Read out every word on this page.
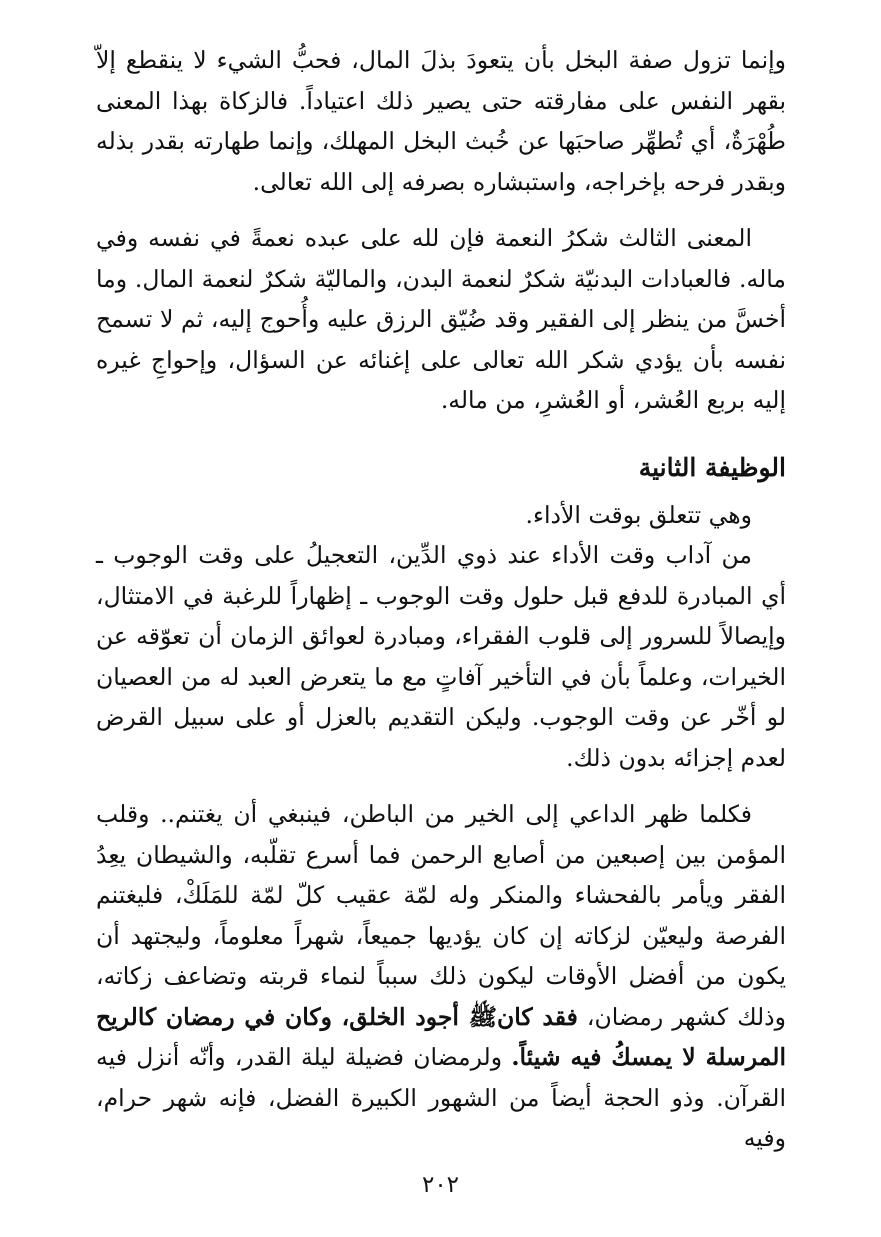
وإنما تزول صفة البخل بأن يتعودَ بذلَ المال، فحبُّ الشيء لا ينقطع إلاّ بقهر النفس على مفارقته حتى يصير ذلك اعتياداً. فالزكاة بهذا المعنى طُهْرَةٌ، أي تُطهِّر صاحبَها عن خُبث البخل المهلك، وإنما طهارته بقدر بذله وبقدر فرحه بإخراجه، واستبشاره بصرفه إلى الله تعالى.

المعنى الثالث شكرُ النعمة فإن لله على عبده نعمةً في نفسه وفي ماله. فالعبادات البدنيّة شكرٌ لنعمة البدن، والماليّة شكرٌ لنعمة المال. وما أخسَّ من ينظر إلى الفقير وقد ضُيّق الرزق عليه وأُحوج إليه، ثم لا تسمح نفسه بأن يؤدي شكر الله تعالى على إغنائه عن السؤال، وإحواجِ غيره إليه بربع العُشر، أو العُشرِ، من ماله.

الوظيفة الثانية

وهي تتعلق بوقت الأداء.

من آداب وقت الأداء عند ذوي الدِّين، التعجيلُ على وقت الوجوب ـ أي المبادرة للدفع قبل حلول وقت الوجوب ـ إظهاراً للرغبة في الامتثال، وإيصالاً للسرور إلى قلوب الفقراء، ومبادرة لعوائق الزمان أن تعوّقه عن الخيرات، وعلماً بأن في التأخير آفاتٍ مع ما يتعرض العبد له من العصيان لو أخّر عن وقت الوجوب. وليكن التقديم بالعزل أو على سبيل القرض لعدم إجزائه بدون ذلك.

فكلما ظهر الداعي إلى الخير من الباطن، فينبغي أن يغتنم.. وقلب المؤمن بين إصبعين من أصابع الرحمن فما أسرع تقلّبه، والشيطان يعِدُ الفقر ويأمر بالفحشاء والمنكر وله لمّة عقيب كلّ لمّة للمَلَكْ، فليغتنم الفرصة وليعيّن لزكاته إن كان يؤديها جميعاً، شهراً معلوماً، وليجتهد أن يكون من أفضل الأوقات ليكون ذلك سبباً لنماء قربته وتضاعف زكاته، وذلك كشهر رمضان، فقد كانﷺ أجود الخلق، وكان في رمضان كالريح المرسلة لا يمسكُ فيه شيئاً. ولرمضان فضيلة ليلة القدر، وأنّه أنزل فيه القرآن. وذو الحجة أيضاً من الشهور الكبيرة الفضل، فإنه شهر حرام، وفيه

٢٠٢
